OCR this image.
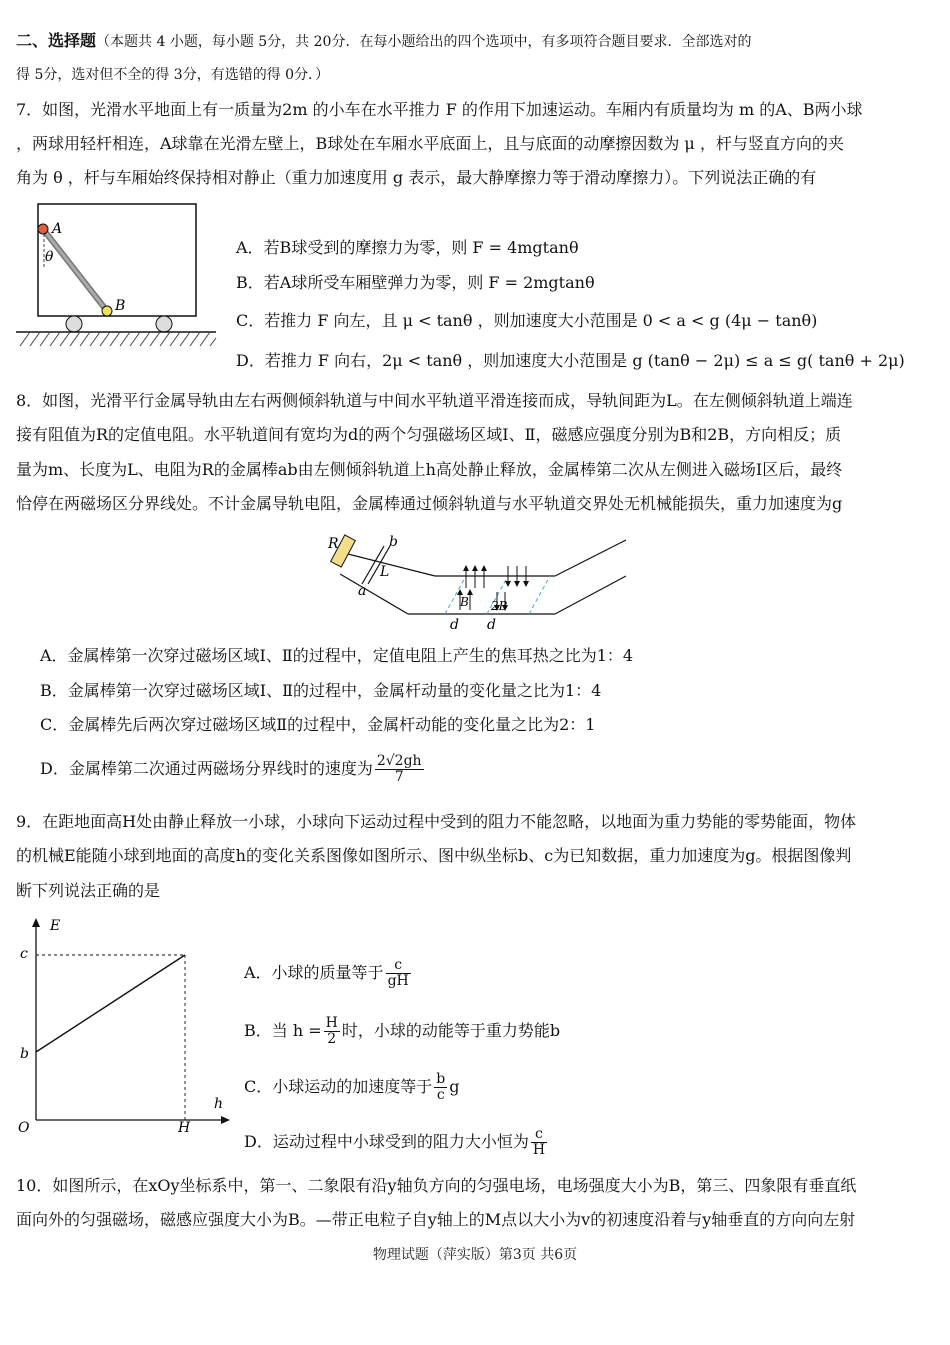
二、选择题（本题共 4 小题，每小题 5分，共 20分．在每小题给出的四个选项中，有多项符合题目要求．全部选对的
得 5分，选对但不全的得 3分，有选错的得 0分．）
7．如图，光滑水平地面上有一质量为2m 的小车在水平推力 F 的作用下加速运动。车厢内有质量均为 m 的A、B两小球
，两球用轻杆相连，A球靠在光滑左壁上，B球处在车厢水平底面上，且与底面的动摩擦因数为 μ ，杆与竖直方向的夹
角为 θ ，杆与车厢始终保持相对静止（重力加速度用 g 表示，最大静摩擦力等于滑动摩擦力）。下列说法正确的有
A
B
θ	A．若B球受到的摩擦力为零，则 F = 4mgtanθ
B．若A球所受车厢壁弹力为零，则 F = 2mgtanθ
C．若推力 F 向左，且 μ < tanθ ，则加速度大小范围是 0 < a < g (4μ − tanθ)
D．若推力 F 向右，2μ < tanθ ，则加速度大小范围是 g (tanθ − 2μ) ≤ a ≤ g( tanθ + 2μ)
8．如图，光滑平行金属导轨由左右两侧倾斜轨道与中间水平轨道平滑连接而成，导轨间距为L。在左侧倾斜轨道上端连
接有阻值为R的定值电阻。水平轨道间有宽均为d的两个匀强磁场区域Ⅰ、Ⅱ，磁感应强度分别为B和2B，方向相反；质
量为m、长度为L、电阻为R的金属棒ab由左侧倾斜轨道上h高处静止释放，金属棒第二次从左侧进入磁场Ⅰ区后，最终
恰停在两磁场区分界线处。不计金属导轨电阻，金属棒通过倾斜轨道与水平轨道交界处无机械能损失，重力加速度为g
R	b
L
a
B 2B
d d
A．金属棒第一次穿过磁场区域Ⅰ、Ⅱ的过程中，定值电阻上产生的焦耳热之比为1：4
B．金属棒第一次穿过磁场区域Ⅰ、Ⅱ的过程中，金属杆动量的变化量之比为1：4
C．金属棒先后两次穿过磁场区域Ⅱ的过程中，金属杆动能的变化量之比为2：1
D．金属棒第二次通过两磁场分界线时的速度为 $\frac{2√2gh}{7}$
9．在距地面高H处由静止释放一小球，小球向下运动过程中受到的阻力不能忽略，以地面为重力势能的零势能面，物体
的机械E能随小球到地面的高度h的变化关系图像如图所示、图中纵坐标b、c为已知数据，重力加速度为g。根据图像判
断下列说法正确的是
E
h
c
b
O	H
A．小球的质量等于 $\frac{c}{gH}$
B．当 $h = \frac{H}{2}$ 时，小球的动能等于重力势能b
C．小球运动的加速度等于 $\frac{b}{c}$ g
D．运动过程中小球受到的阻力大小恒为 $\frac{c}{H}$
10．如图所示，在xOy坐标系中，第一、二象限有沿y轴负方向的匀强电场，电场强度大小为B，第三、四象限有垂直纸
面向外的匀强磁场，磁感应强度大小为B。—带正电粒子自y轴上的M点以大小为v的初速度沿着与y轴垂直的方向向左射
物理试题（萍实版）第3页 共6页
